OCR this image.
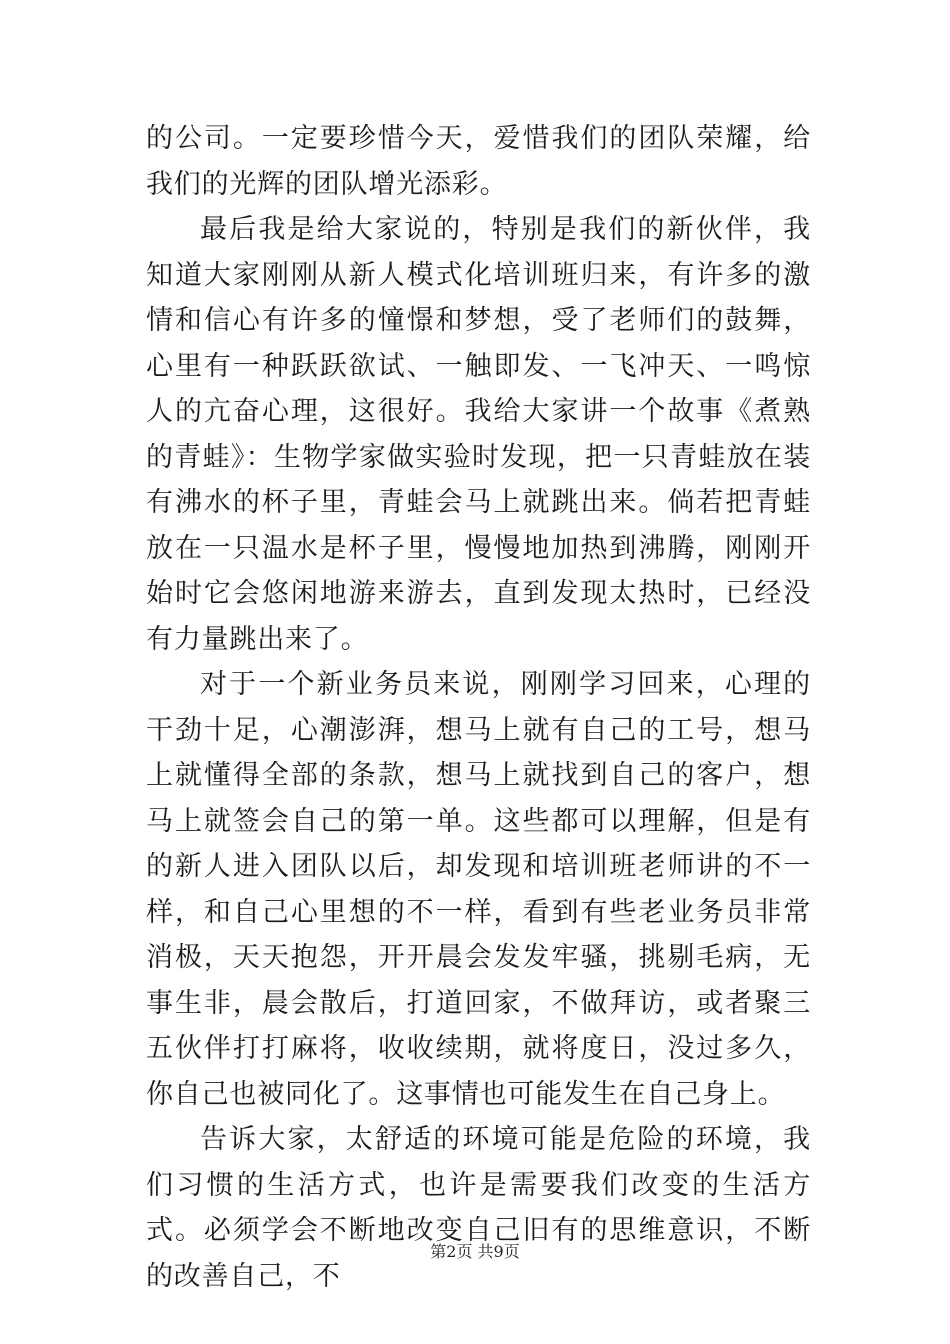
的公司。一定要珍惜今天，爱惜我们的团队荣耀，给我们的光辉的团队增光添彩。

最后我是给大家说的，特别是我们的新伙伴，我知道大家刚刚从新人模式化培训班归来，有许多的激情和信心有许多的憧憬和梦想，受了老师们的鼓舞，心里有一种跃跃欲试、一触即发、一飞冲天、一鸣惊人的亢奋心理，这很好。我给大家讲一个故事《煮熟的青蛙》：生物学家做实验时发现，把一只青蛙放在装有沸水的杯子里，青蛙会马上就跳出来。倘若把青蛙放在一只温水是杯子里，慢慢地加热到沸腾，刚刚开始时它会悠闲地游来游去，直到发现太热时，已经没有力量跳出来了。

对于一个新业务员来说，刚刚学习回来，心理的干劲十足，心潮澎湃，想马上就有自己的工号，想马上就懂得全部的条款，想马上就找到自己的客户，想马上就签会自己的第一单。这些都可以理解，但是有的新人进入团队以后，却发现和培训班老师讲的不一样，和自己心里想的不一样，看到有些老业务员非常消极，天天抱怨，开开晨会发发牢骚，挑剔毛病，无事生非，晨会散后，打道回家，不做拜访，或者聚三五伙伴打打麻将，收收续期，就将度日，没过多久，你自己也被同化了。这事情也可能发生在自己身上。

告诉大家，太舒适的环境可能是危险的环境，我们习惯的生活方式，也许是需要我们改变的生活方式。必须学会不断地改变自己旧有的思维意识，不断的改善自己，不

第2页 共9页
